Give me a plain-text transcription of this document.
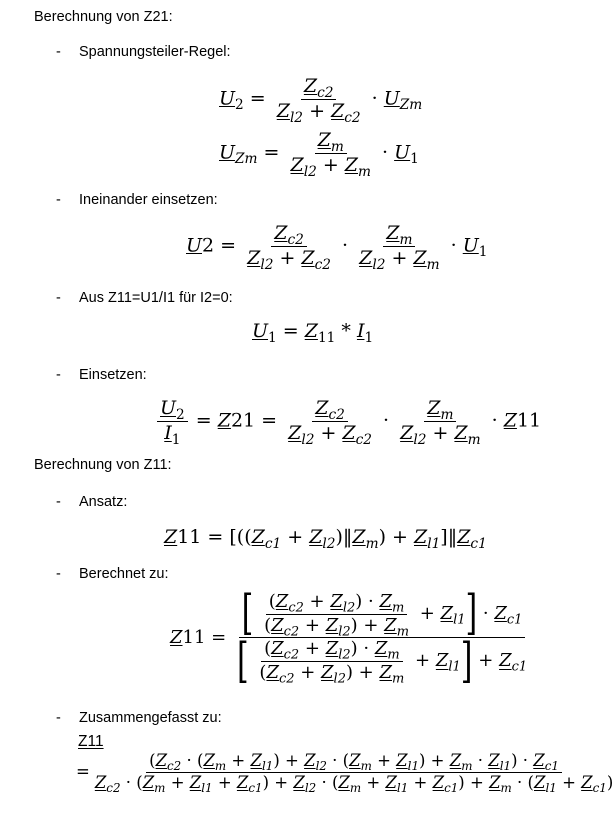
Berechnung von Z21:
- Spannungsteiler-Regel:
$U_2 = \frac{Z_{c2}}{Z_{l2} + Z_{c2}} \cdot U_{Zm}$
$U_{Zm} = \frac{Z_m}{Z_{l2} + Z_m} \cdot U_1$
- Ineinander einsetzen:
$U2 = \frac{Z_{c2}}{Z_{l2} + Z_{c2}} \cdot \frac{Z_m}{Z_{l2} + Z_m} \cdot U_1$
- Aus Z11=U1/I1 für I2=0:
$U_1 = Z_{11} * I_1$
- Einsetzen:
$\frac{U_2}{I_1} = Z21 = \frac{Z_{c2}}{Z_{l2} + Z_{c2}} \cdot \frac{Z_m}{Z_{l2} + Z_m} \cdot Z11$
Berechnung von Z11:
- Ansatz:
$Z11 = [((Z_{c1}$ + $Z_{l2})‖Z_m$) + $Z_{l1}]‖Z_{c1}$
- Berechnet zu:
$Z11 = \frac{[ \frac{(Z_{c2} + Z_{l2}) \cdot Z_m}{(Z_{c2} + Z_{l2}) + Z_m} + Z_{l1}] \cdot Z_{c1}}{[ \frac{(Z_{c2} + Z_{l2}) \cdot Z_m}{(Z_{c2} + Z_{l2}) + Z_m} + Z_{l1}] + Z_{c1}}$
- Zusammengefasst zu:
Z11
=
$(Z_{c2} \cdot (Z_m + Z_{l1}) + Z_{l2} \cdot (Z_m + Z_{l1}) + Z_m \cdot Z_{l1}) \cdot Z_{c1}$
$Z_{c2} \cdot (Z_m + Z_{l1} + Z_{c1}) + Z_{l2} \cdot (Z_m + Z_{l1} + Z_{c1}) + Z_m \cdot (Z_{l1} + Z_{c1})$
